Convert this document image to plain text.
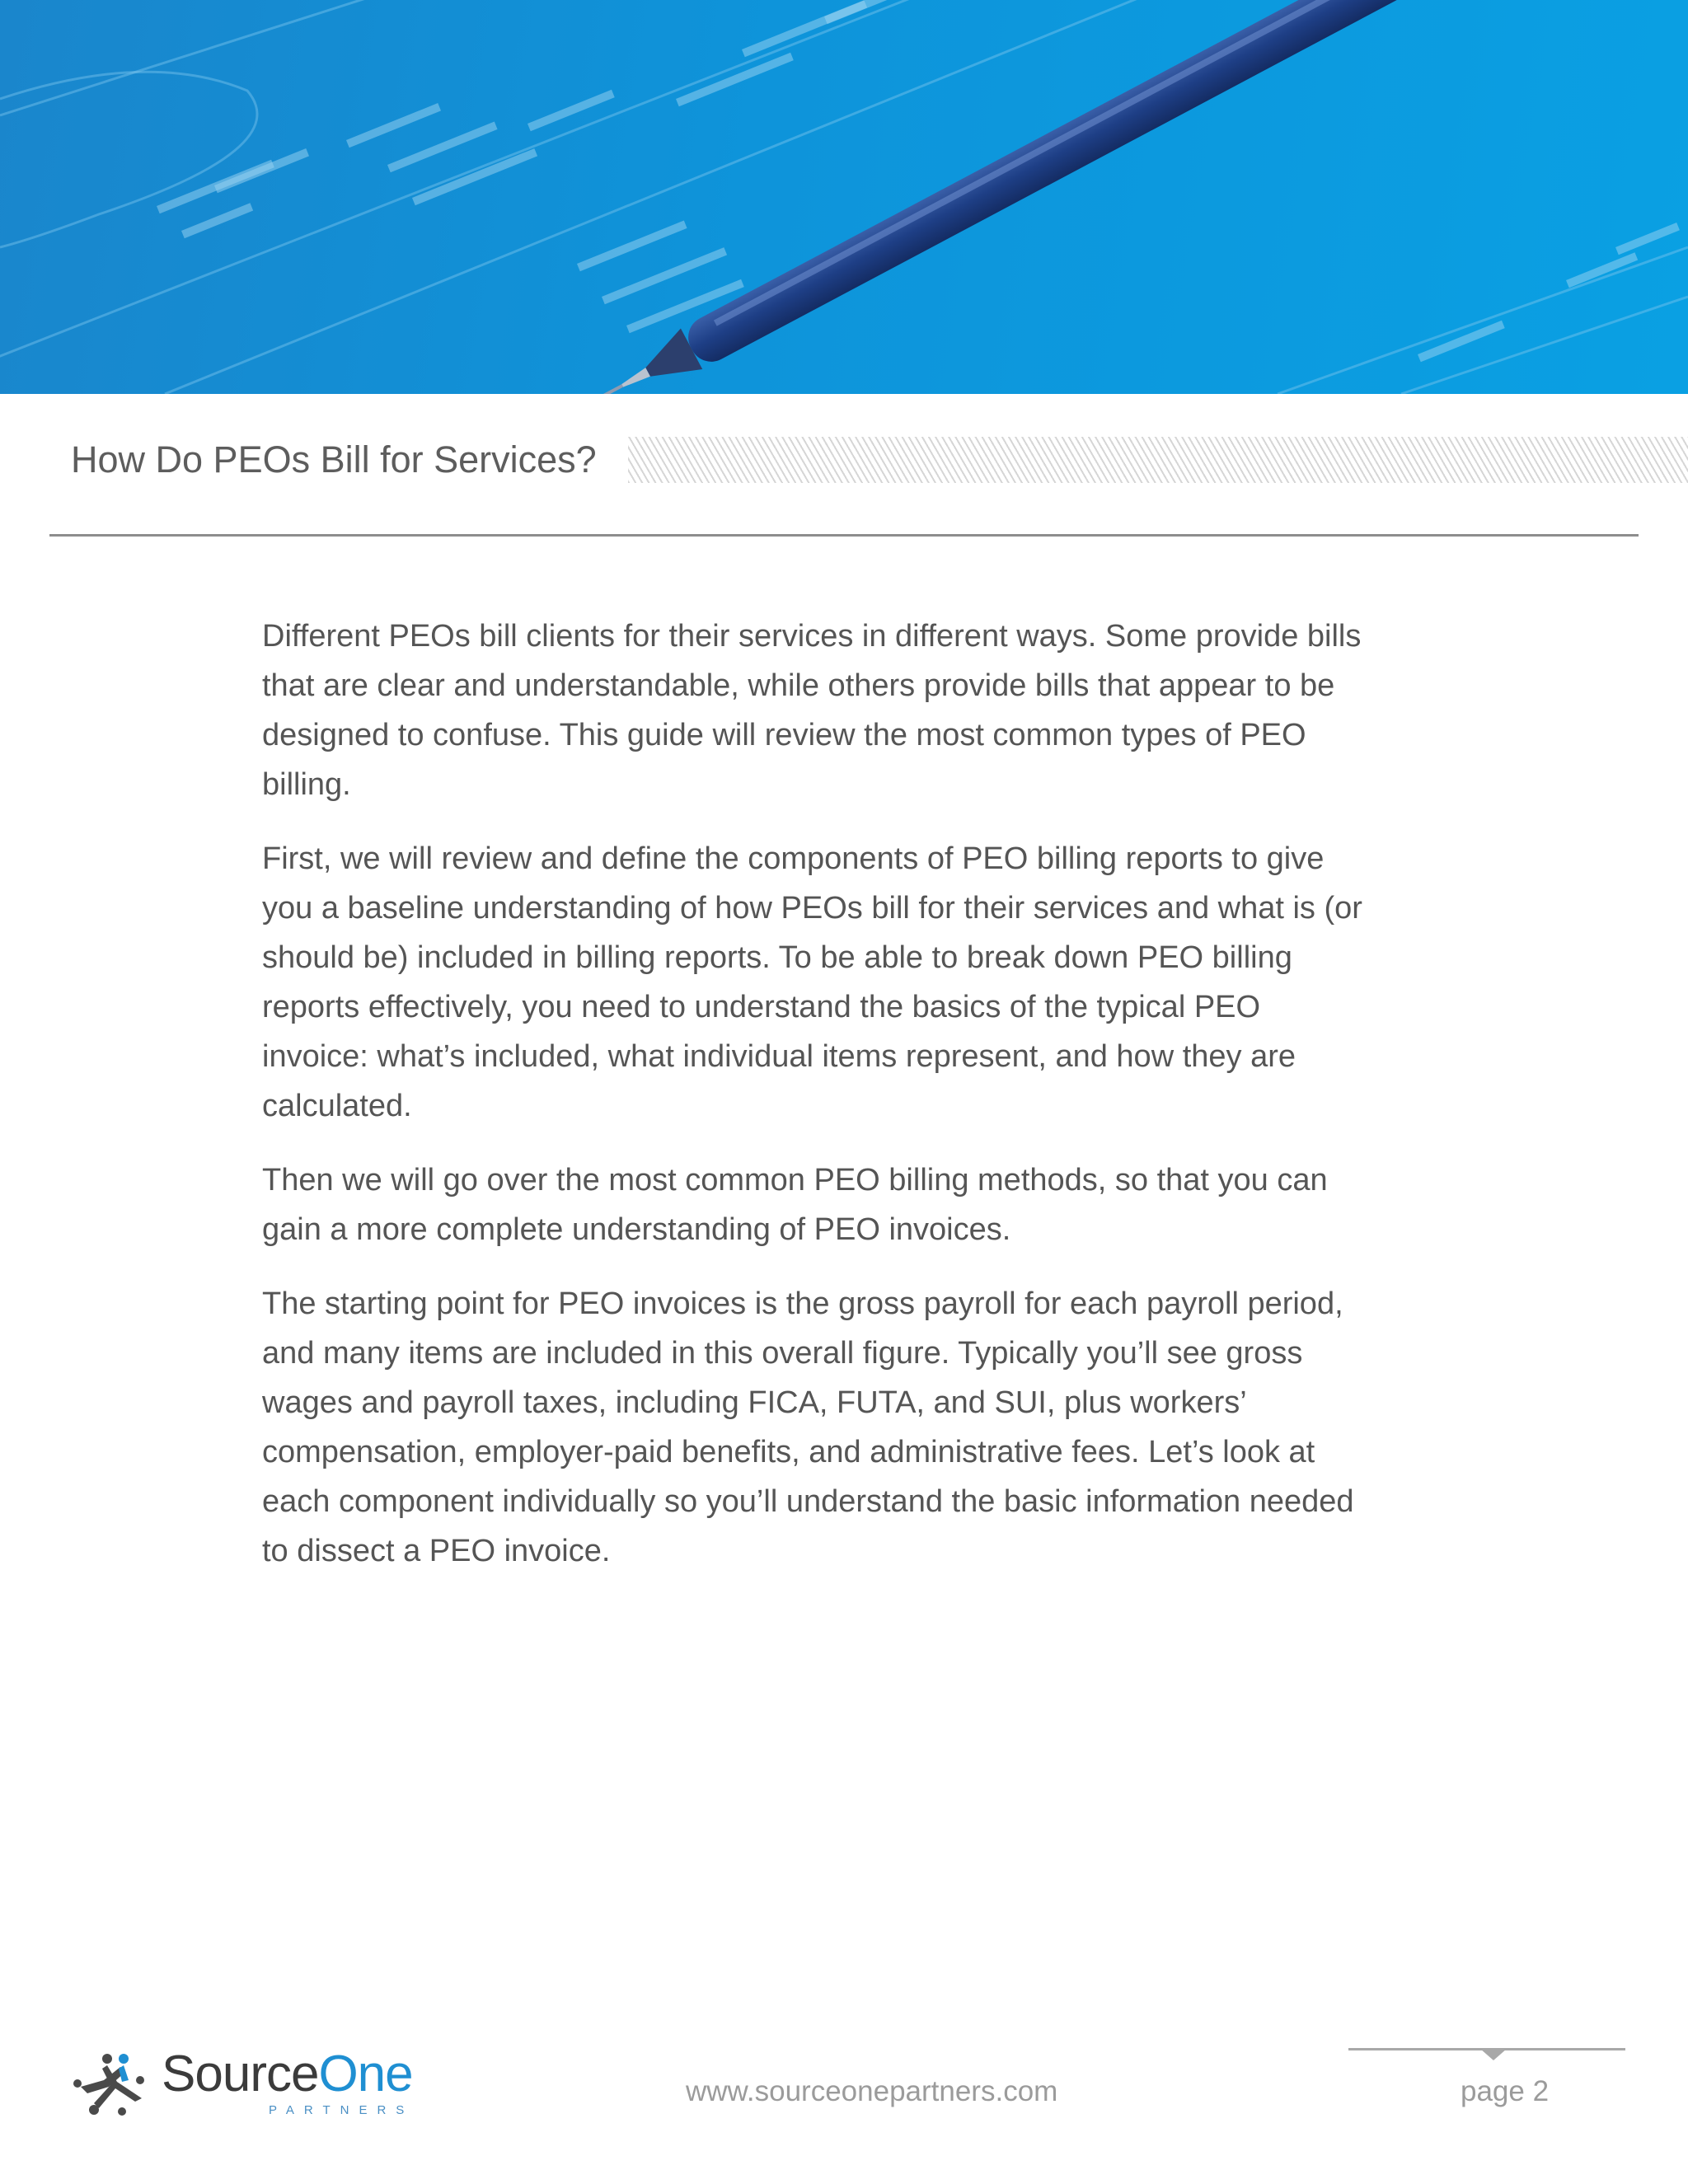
How Do PEOs Bill for Services?

Different PEOs bill clients for their services in different ways. Some provide bills that are clear and understandable, while others provide bills that appear to be designed to confuse. This guide will review the most common types of PEO billing.

First, we will review and define the components of PEO billing reports to give you a baseline understanding of how PEOs bill for their services and what is (or should be) included in billing reports. To be able to break down PEO billing reports effectively, you need to understand the basics of the typical PEO invoice: what’s included, what individual items represent, and how they are calculated.

Then we will go over the most common PEO billing methods, so that you can gain a more complete understanding of PEO invoices.

The starting point for PEO invoices is the gross payroll for each payroll period, and many items are included in this overall figure. Typically you’ll see gross wages and payroll taxes, including FICA, FUTA, and SUI, plus workers’ compensation, employer-paid benefits, and administrative fees. Let’s look at each component individually so you’ll understand the basic information needed to dissect a PEO invoice.

SourceOne
PARTNERS
www.sourceonepartners.com	page 2
